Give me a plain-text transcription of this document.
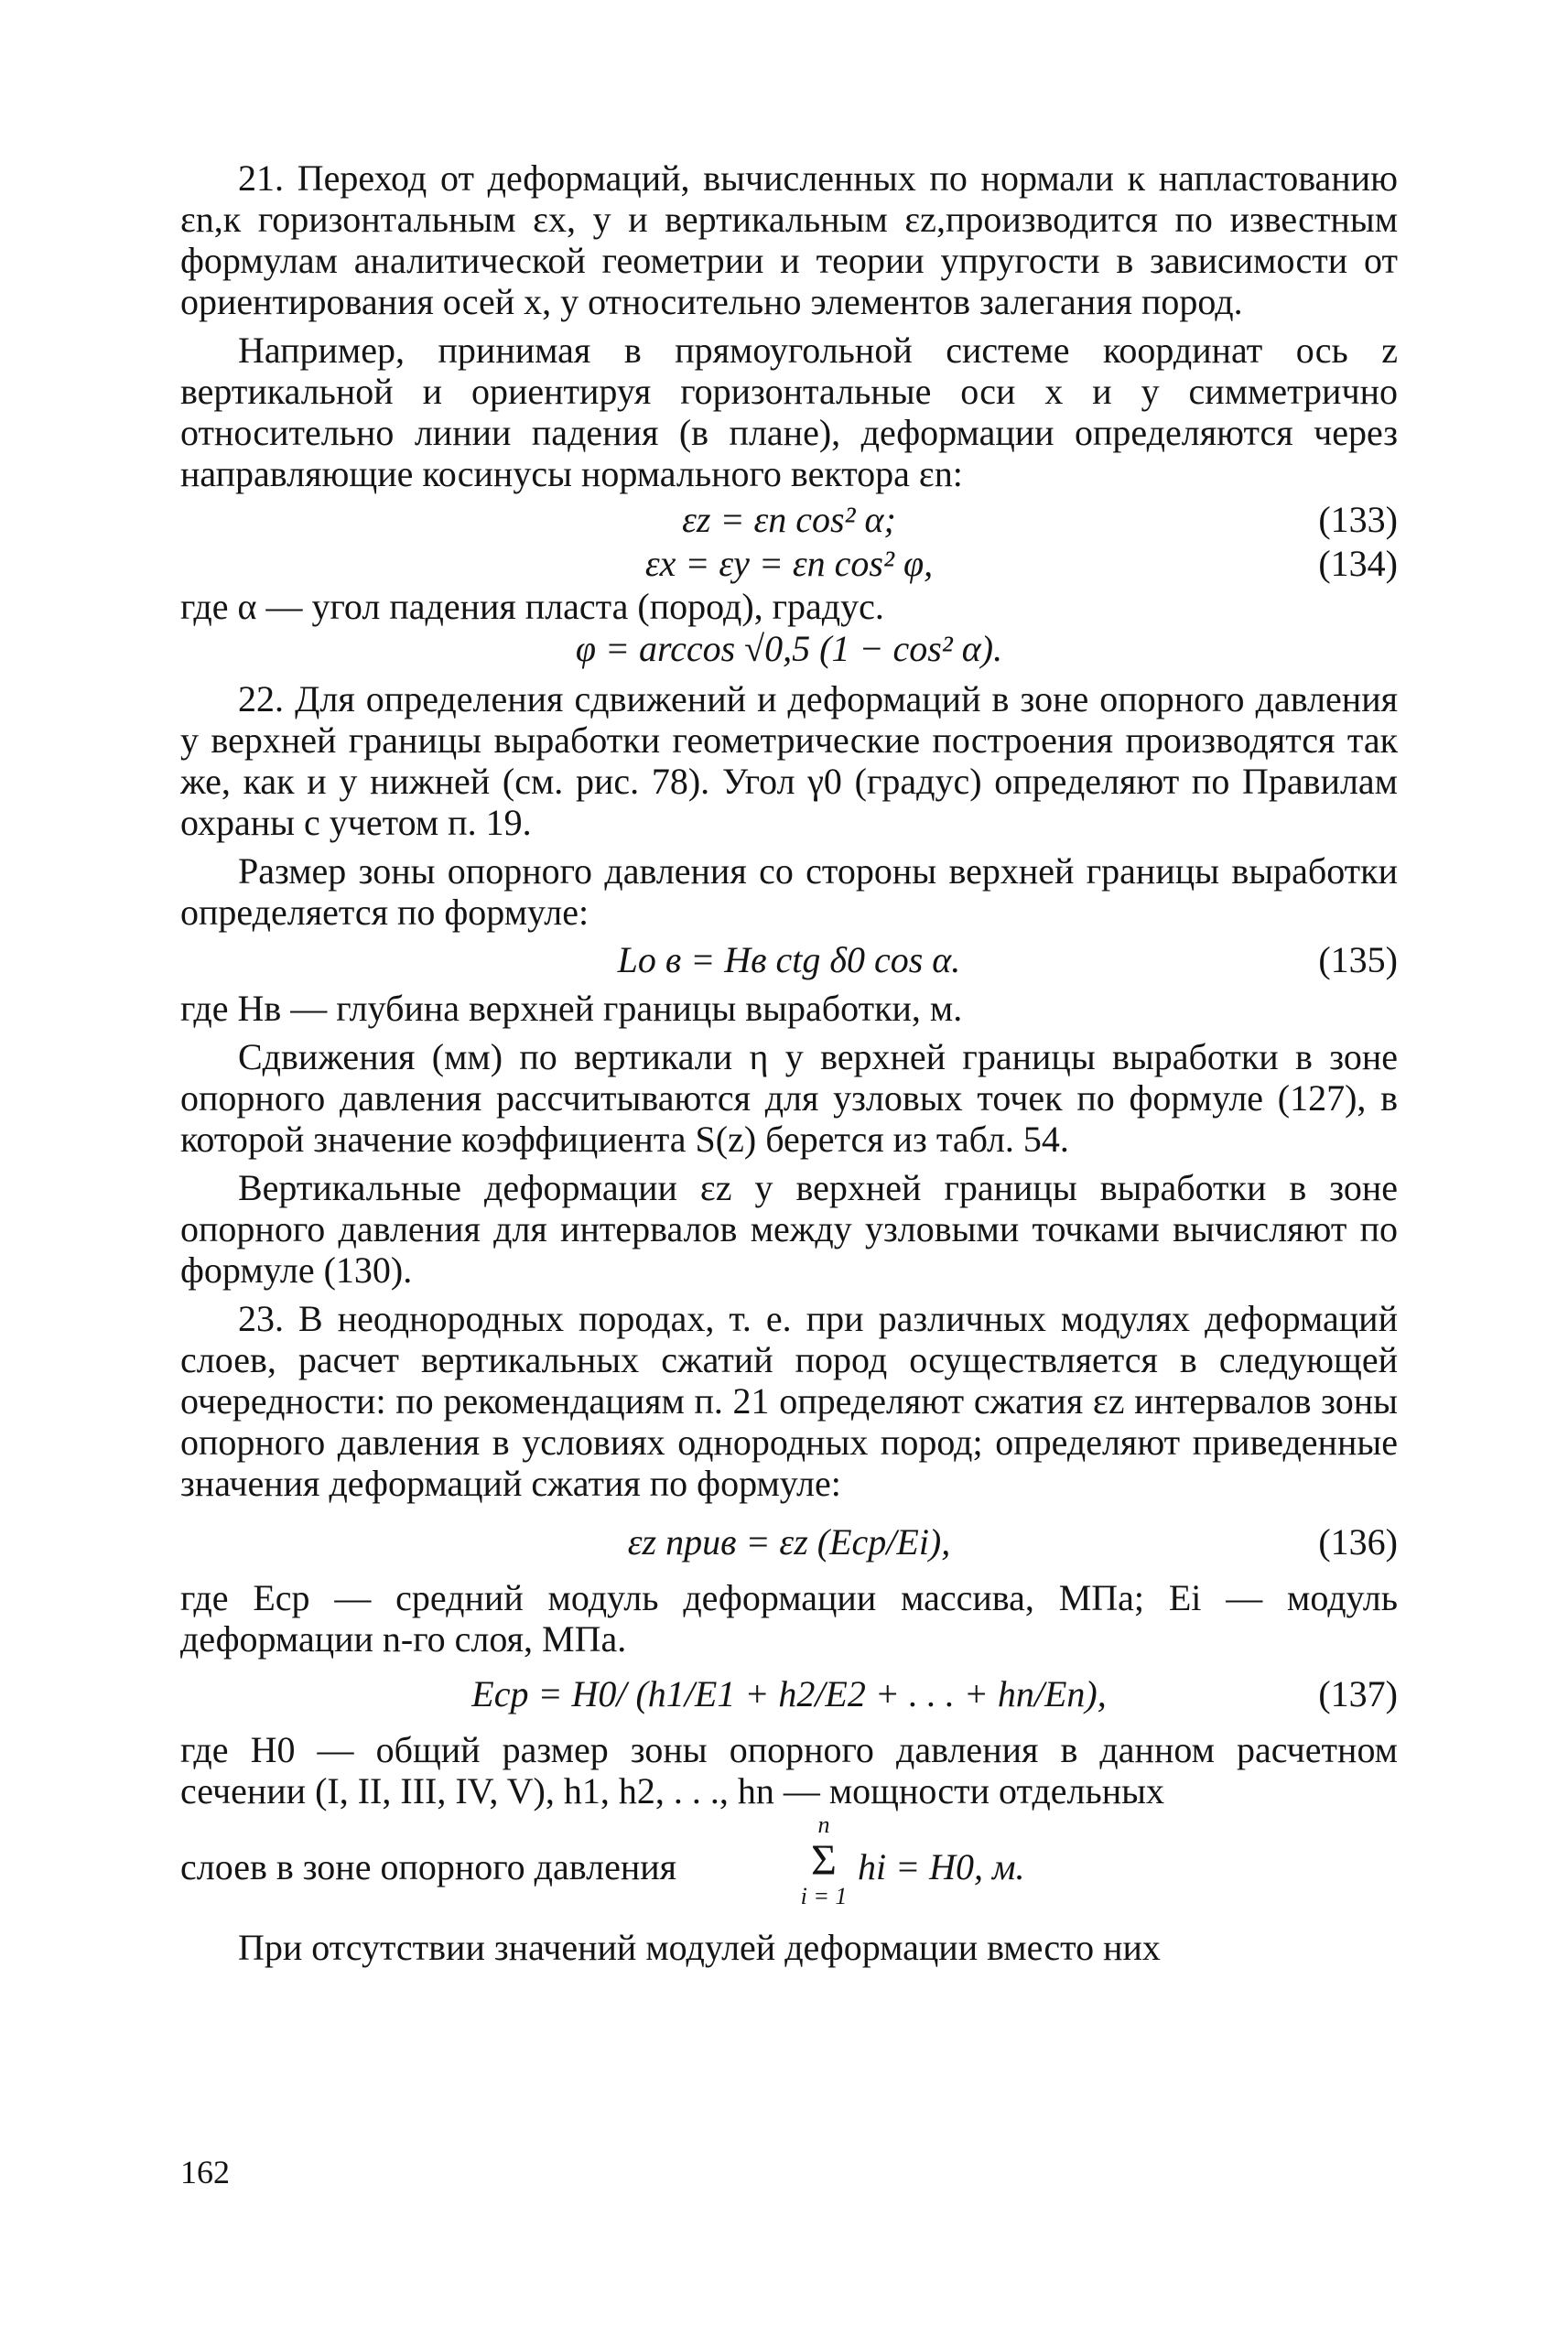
21. Переход от деформаций, вычисленных по нормали к напластованию εn,к горизонтальным εx, y и вертикальным εz,производится по известным формулам аналитической геометрии и теории упругости в зависимости от ориентирования осей x, y относительно элементов залегания пород.

Например, принимая в прямоугольной системе координат ось z вертикальной и ориентируя горизонтальные оси x и y симметрично относительно линии падения (в плане), деформации определяются через направляющие косинусы нормального вектора εn:

εz = εn cos² α;	(133)
εx = εy = εn cos² φ,	(134)

где α — угол падения пласта (пород), градус.

φ = arccos √0,5 (1 − cos² α).

22. Для определения сдвижений и деформаций в зоне опорного давления у верхней границы выработки геометрические построения производятся так же, как и у нижней (см. рис. 78). Угол γ0 (градус) определяют по Правилам охраны с учетом п. 19.

Размер зоны опорного давления со стороны верхней границы выработки определяется по формуле:

Lо в = Hв ctg δ0 cos α.	(135)

где Hв — глубина верхней границы выработки, м.

Сдвижения (мм) по вертикали η у верхней границы выработки в зоне опорного давления рассчитываются для узловых точек по формуле (127), в которой значение коэффициента S(z) берется из табл. 54.

Вертикальные деформации εz у верхней границы выработки в зоне опорного давления для интервалов между узловыми точками вычисляют по формуле (130).

23. В неоднородных породах, т. е. при различных модулях деформаций слоев, расчет вертикальных сжатий пород осуществляется в следующей очередности: по рекомендациям п. 21 определяют сжатия εz интервалов зоны опорного давления в условиях однородных пород; определяют приведенные значения деформаций сжатия по формуле:

εz прив = εz (Eср/Ei),	(136)

где Eср — средний модуль деформации массива, МПа; Ei — модуль деформации n-го слоя, МПа.

Eср = H0/ (h1/E1 + h2/E2 + . . . + hn/En),	(137)

где H0 — общий размер зоны опорного давления в данном расчетном сечении (I, II, III, IV, V), h1, h2, . . ., hn — мощности отдельных

слоев в зоне опорного давления
n
Σ
i = 1
hi = H0, м.

При отсутствии значений модулей деформации вместо них

162
